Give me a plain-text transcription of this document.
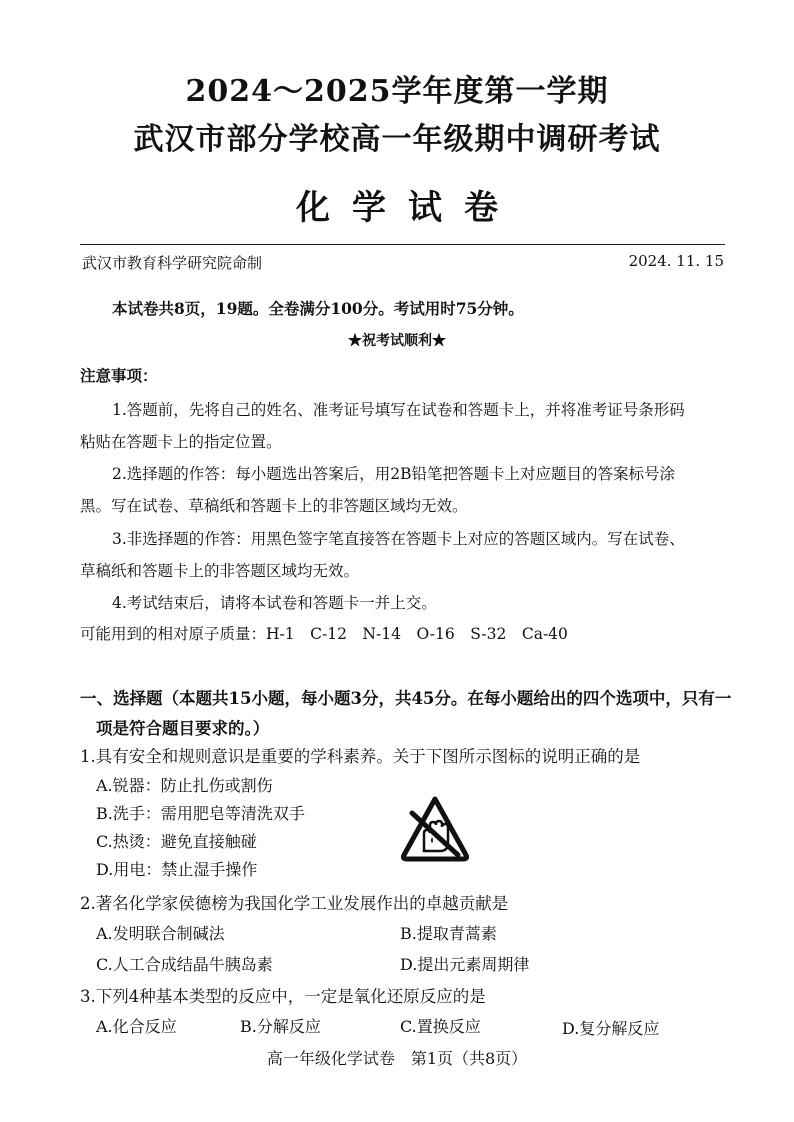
2024～2025学年度第一学期
武汉市部分学校高一年级期中调研考试
化学试卷
武汉市教育科学研究院命制	2024. 11. 15
本试卷共8页，19题。全卷满分100分。考试用时75分钟。
★祝考试顺利★
注意事项：
1.答题前，先将自己的姓名、准考证号填写在试卷和答题卡上，并将准考证号条形码
粘贴在答题卡上的指定位置。
2.选择题的作答：每小题选出答案后，用2B铅笔把答题卡上对应题目的答案标号涂
黑。写在试卷、草稿纸和答题卡上的非答题区域均无效。
3.非选择题的作答：用黑色签字笔直接答在答题卡上对应的答题区域内。写在试卷、
草稿纸和答题卡上的非答题区域均无效。
4.考试结束后，请将本试卷和答题卡一并上交。
可能用到的相对原子质量：H-1　C-12　N-14　O-16　S-32　Ca-40
一、选择题（本题共15小题，每小题3分，共45分。在每小题给出的四个选项中，只有一
项是符合题目要求的。）
1.具有安全和规则意识是重要的学科素养。关于下图所示图标的说明正确的是
A.锐器：防止扎伤或割伤
B.洗手：需用肥皂等清洗双手
C.热烫：避免直接触碰
D.用电：禁止湿手操作
2.著名化学家侯德榜为我国化学工业发展作出的卓越贡献是
A.发明联合制碱法	B.提取青蒿素
C.人工合成结晶牛胰岛素	D.提出元素周期律
3.下列4种基本类型的反应中，一定是氧化还原反应的是
A.化合反应	B.分解反应	C.置换反应	D.复分解反应
高一年级化学试卷　第1页（共8页）
